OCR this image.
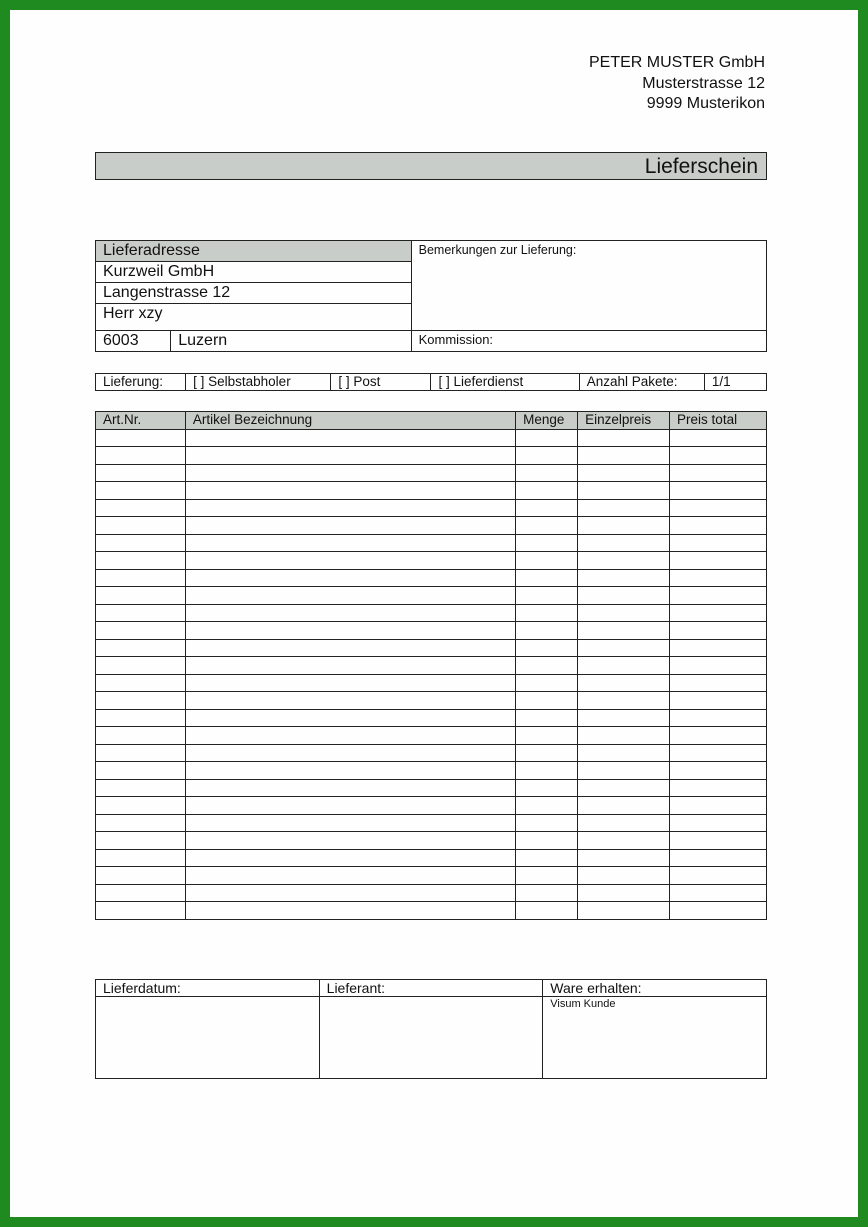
PETER MUSTER GmbH
Musterstrasse 12
9999 Musterikon
Lieferschein
Lieferadresse		Bemerkungen zur Lieferung:
Kurzweil GmbH		
Langenstrasse 12		
Herr xzy		
6003	Luzern	Kommission:
Lieferung:	[ ] Selbstabholer	[ ] Post	[ ] Lieferdienst	Anzahl Pakete:	1/1
Art.Nr.	Artikel Bezeichnung	Menge	Einzelpreis	Preis total

Lieferdatum:	Lieferant:	Ware erhalten:
		Visum Kunde
